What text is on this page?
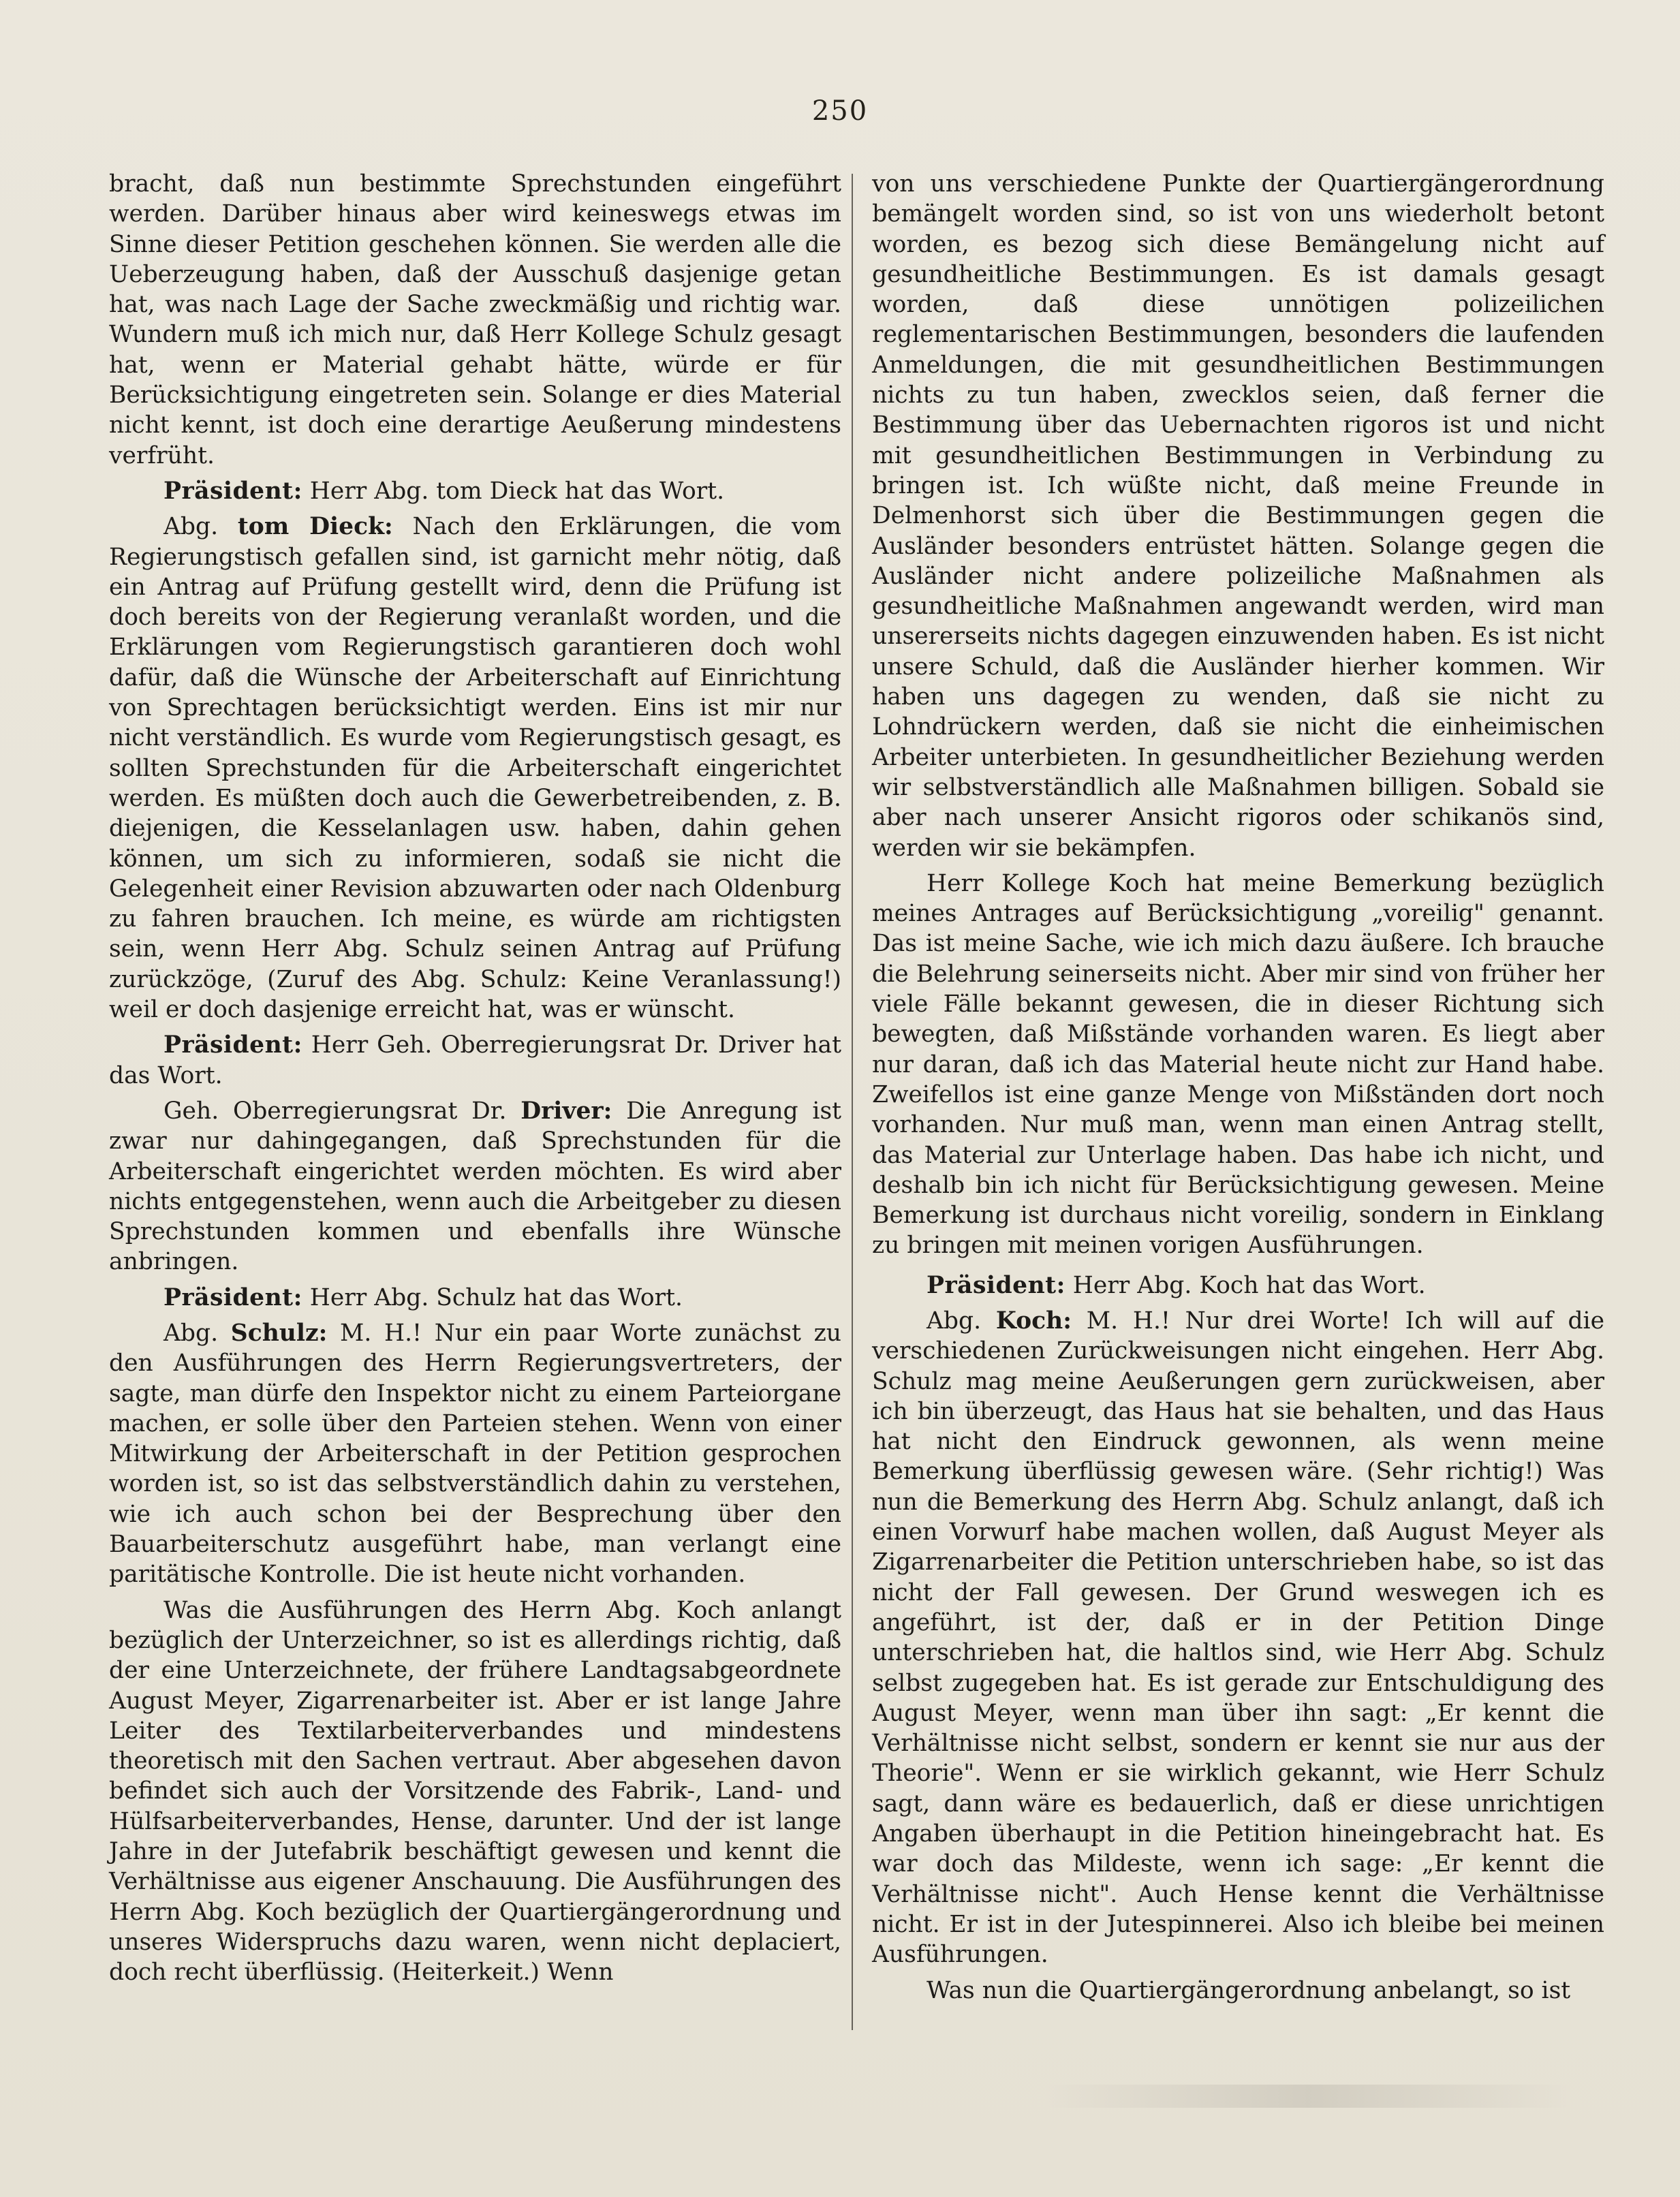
250

bracht, daß nun bestimmte Sprechstunden eingeführt werden. Darüber hinaus aber wird keineswegs etwas im Sinne dieser Petition geschehen können. Sie werden alle die Ueberzeugung haben, daß der Ausschuß dasjenige getan hat, was nach Lage der Sache zweckmäßig und richtig war. Wundern muß ich mich nur, daß Herr Kollege Schulz gesagt hat, wenn er Material gehabt hätte, würde er für Berücksichtigung eingetreten sein. Solange er dies Material nicht kennt, ist doch eine derartige Aeußerung mindestens verfrüht.

Präsident: Herr Abg. tom Dieck hat das Wort.

Abg. tom Dieck: Nach den Erklärungen, die vom Regierungstisch gefallen sind, ist garnicht mehr nötig, daß ein Antrag auf Prüfung gestellt wird, denn die Prüfung ist doch bereits von der Regierung veranlaßt worden, und die Erklärungen vom Regierungstisch garantieren doch wohl dafür, daß die Wünsche der Arbeiterschaft auf Einrichtung von Sprechtagen berücksichtigt werden. Eins ist mir nur nicht verständlich. Es wurde vom Regierungstisch gesagt, es sollten Sprechstunden für die Arbeiterschaft eingerichtet werden. Es müßten doch auch die Gewerbetreibenden, z. B. diejenigen, die Kesselanlagen usw. haben, dahin gehen können, um sich zu informieren, sodaß sie nicht die Gelegenheit einer Revision abzuwarten oder nach Oldenburg zu fahren brauchen. Ich meine, es würde am richtigsten sein, wenn Herr Abg. Schulz seinen Antrag auf Prüfung zurückzöge, (Zuruf des Abg. Schulz: Keine Veranlassung!) weil er doch dasjenige erreicht hat, was er wünscht.

Präsident: Herr Geh. Oberregierungsrat Dr. Driver hat das Wort.

Geh. Oberregierungsrat Dr. Driver: Die Anregung ist zwar nur dahingegangen, daß Sprechstunden für die Arbeiterschaft eingerichtet werden möchten. Es wird aber nichts entgegenstehen, wenn auch die Arbeitgeber zu diesen Sprechstunden kommen und ebenfalls ihre Wünsche anbringen.

Präsident: Herr Abg. Schulz hat das Wort.

Abg. Schulz: M. H.! Nur ein paar Worte zunächst zu den Ausführungen des Herrn Regierungsvertreters, der sagte, man dürfe den Inspektor nicht zu einem Parteiorgane machen, er solle über den Parteien stehen. Wenn von einer Mitwirkung der Arbeiterschaft in der Petition gesprochen worden ist, so ist das selbstverständlich dahin zu verstehen, wie ich auch schon bei der Besprechung über den Bauarbeiterschutz ausgeführt habe, man verlangt eine paritätische Kontrolle. Die ist heute nicht vorhanden.

Was die Ausführungen des Herrn Abg. Koch anlangt bezüglich der Unterzeichner, so ist es allerdings richtig, daß der eine Unterzeichnete, der frühere Landtagsabgeordnete August Meyer, Zigarrenarbeiter ist. Aber er ist lange Jahre Leiter des Textilarbeiterverbandes und mindestens theoretisch mit den Sachen vertraut. Aber abgesehen davon befindet sich auch der Vorsitzende des Fabrik-, Land- und Hülfsarbeiterverbandes, Hense, darunter. Und der ist lange Jahre in der Jutefabrik beschäftigt gewesen und kennt die Verhältnisse aus eigener Anschauung. Die Ausführungen des Herrn Abg. Koch bezüglich der Quartiergängerordnung und unseres Widerspruchs dazu waren, wenn nicht deplaciert, doch recht überflüssig. (Heiterkeit.) Wenn

von uns verschiedene Punkte der Quartiergängerordnung bemängelt worden sind, so ist von uns wiederholt betont worden, es bezog sich diese Bemängelung nicht auf gesundheitliche Bestimmungen. Es ist damals gesagt worden, daß diese unnötigen polizeilichen reglementarischen Bestimmungen, besonders die laufenden Anmeldungen, die mit gesundheitlichen Bestimmungen nichts zu tun haben, zwecklos seien, daß ferner die Bestimmung über das Uebernachten rigoros ist und nicht mit gesundheitlichen Bestimmungen in Verbindung zu bringen ist. Ich wüßte nicht, daß meine Freunde in Delmenhorst sich über die Bestimmungen gegen die Ausländer besonders entrüstet hätten. Solange gegen die Ausländer nicht andere polizeiliche Maßnahmen als gesundheitliche Maßnahmen angewandt werden, wird man unsererseits nichts dagegen einzuwenden haben. Es ist nicht unsere Schuld, daß die Ausländer hierher kommen. Wir haben uns dagegen zu wenden, daß sie nicht zu Lohndrückern werden, daß sie nicht die einheimischen Arbeiter unterbieten. In gesundheitlicher Beziehung werden wir selbstverständlich alle Maßnahmen billigen. Sobald sie aber nach unserer Ansicht rigoros oder schikanös sind, werden wir sie bekämpfen.

Herr Kollege Koch hat meine Bemerkung bezüglich meines Antrages auf Berücksichtigung „voreilig" genannt. Das ist meine Sache, wie ich mich dazu äußere. Ich brauche die Belehrung seinerseits nicht. Aber mir sind von früher her viele Fälle bekannt gewesen, die in dieser Richtung sich bewegten, daß Mißstände vorhanden waren. Es liegt aber nur daran, daß ich das Material heute nicht zur Hand habe. Zweifellos ist eine ganze Menge von Mißständen dort noch vorhanden. Nur muß man, wenn man einen Antrag stellt, das Material zur Unterlage haben. Das habe ich nicht, und deshalb bin ich nicht für Berücksichtigung gewesen. Meine Bemerkung ist durchaus nicht voreilig, sondern in Einklang zu bringen mit meinen vorigen Ausführungen.

Präsident: Herr Abg. Koch hat das Wort.

Abg. Koch: M. H.! Nur drei Worte! Ich will auf die verschiedenen Zurückweisungen nicht eingehen. Herr Abg. Schulz mag meine Aeußerungen gern zurückweisen, aber ich bin überzeugt, das Haus hat sie behalten, und das Haus hat nicht den Eindruck gewonnen, als wenn meine Bemerkung überflüssig gewesen wäre. (Sehr richtig!) Was nun die Bemerkung des Herrn Abg. Schulz anlangt, daß ich einen Vorwurf habe machen wollen, daß August Meyer als Zigarrenarbeiter die Petition unterschrieben habe, so ist das nicht der Fall gewesen. Der Grund weswegen ich es angeführt, ist der, daß er in der Petition Dinge unterschrieben hat, die haltlos sind, wie Herr Abg. Schulz selbst zugegeben hat. Es ist gerade zur Entschuldigung des August Meyer, wenn man über ihn sagt: „Er kennt die Verhältnisse nicht selbst, sondern er kennt sie nur aus der Theorie". Wenn er sie wirklich gekannt, wie Herr Schulz sagt, dann wäre es bedauerlich, daß er diese unrichtigen Angaben überhaupt in die Petition hineingebracht hat. Es war doch das Mildeste, wenn ich sage: „Er kennt die Verhältnisse nicht". Auch Hense kennt die Verhältnisse nicht. Er ist in der Jutespinnerei. Also ich bleibe bei meinen Ausführungen.

Was nun die Quartiergängerordnung anbelangt, so ist
